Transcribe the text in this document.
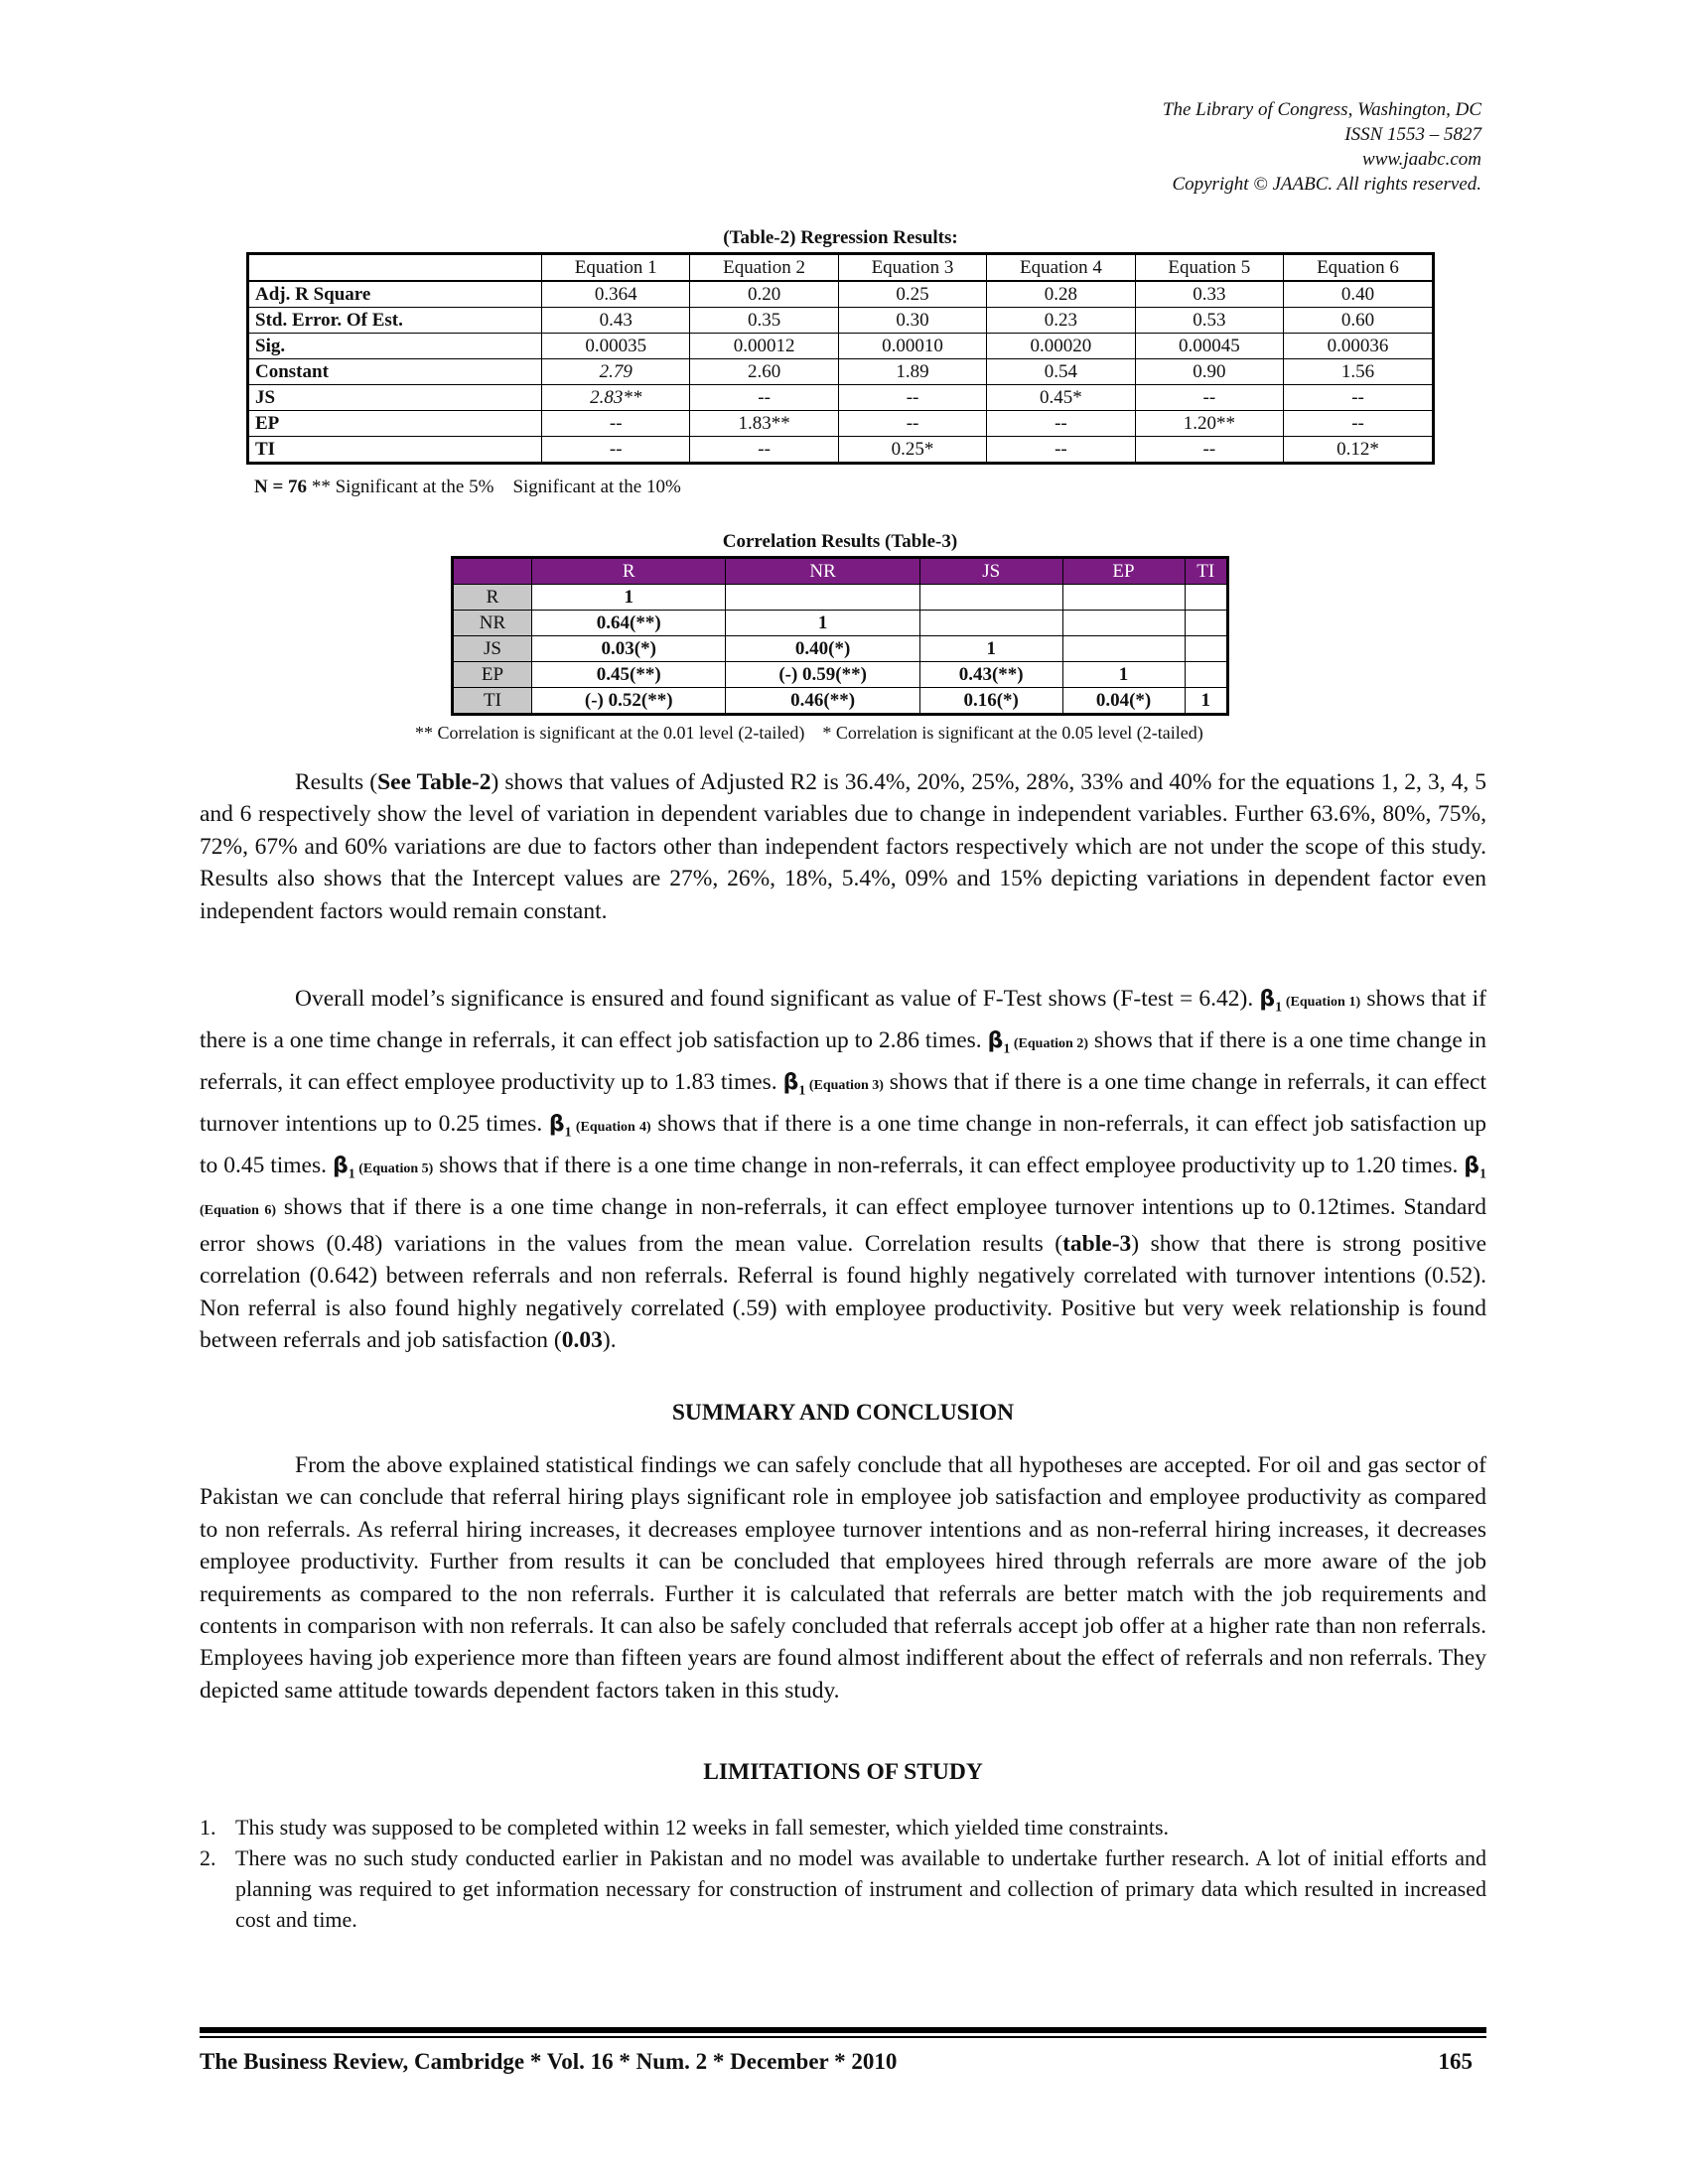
The Library of Congress, Washington, DC
ISSN 1553 – 5827
www.jaabc.com
Copyright © JAABC. All rights reserved.
(Table-2) Regression Results:
	Equation 1	Equation 2	Equation 3	Equation 4	Equation 5	Equation 6
Adj. R Square	0.364	0.20	0.25	0.28	0.33	0.40
Std. Error. Of Est.	0.43	0.35	0.30	0.23	0.53	0.60
Sig.	0.00035	0.00012	0.00010	0.00020	0.00045	0.00036
Constant	2.79	2.60	1.89	0.54	0.90	1.56
JS	2.83**	--	--	0.45*	--	--
EP	--	1.83**	--	--	1.20**	--
TI	--	--	0.25*	--	--	0.12*
N = 76 ** Significant at the 5%    Significant at the 10%
Correlation Results (Table-3)
	R	NR	JS	EP	TI
R	1				
NR	0.64(**)	1			
JS	0.03(*)	0.40(*)	1		
EP	0.45(**)	(-) 0.59(**)	0.43(**)	1	
TI	(-) 0.52(**)	0.46(**)	0.16(*)	0.04(*)	1
** Correlation is significant at the 0.01 level (2-tailed)    * Correlation is significant at the 0.05 level (2-tailed)
Results (See Table-2) shows that values of Adjusted R2 is 36.4%, 20%, 25%, 28%, 33% and 40% for the equations 1, 2, 3, 4, 5 and 6 respectively show the level of variation in dependent variables due to change in independent variables. Further 63.6%, 80%, 75%, 72%, 67% and 60% variations are due to factors other than independent factors respectively which are not under the scope of this study. Results also shows that the Intercept values are 27%, 26%, 18%, 5.4%, 09% and 15% depicting variations in dependent factor even independent factors would remain constant.
Overall model’s significance is ensured and found significant as value of F-Test shows (F-test = 6.42). $\beta_1$ (Equation 1) shows that if there is a one time change in referrals, it can effect job satisfaction up to 2.86 times. $\beta_1$ (Equation 2) shows that if there is a one time change in referrals, it can effect employee productivity up to 1.83 times. $\beta_1$ (Equation 3) shows that if there is a one time change in referrals, it can effect turnover intentions up to 0.25 times. $\beta_1$ (Equation 4) shows that if there is a one time change in non-referrals, it can effect job satisfaction up to 0.45 times. $\beta_1$ (Equation 5) shows that if there is a one time change in non-referrals, it can effect employee productivity up to 1.20 times. $\beta_1$ (Equation 6) shows that if there is a one time change in non-referrals, it can effect employee turnover intentions up to 0.12times. Standard error shows (0.48) variations in the values from the mean value. Correlation results (table-3) show that there is strong positive correlation (0.642) between referrals and non referrals. Referral is found highly negatively correlated with turnover intentions (0.52). Non referral is also found highly negatively correlated (.59) with employee productivity. Positive but very week relationship is found between referrals and job satisfaction (0.03).
SUMMARY AND CONCLUSION
From the above explained statistical findings we can safely conclude that all hypotheses are accepted. For oil and gas sector of Pakistan we can conclude that referral hiring plays significant role in employee job satisfaction and employee productivity as compared to non referrals. As referral hiring increases, it decreases employee turnover intentions and as non-referral hiring increases, it decreases employee productivity. Further from results it can be concluded that employees hired through referrals are more aware of the job requirements as compared to the non referrals. Further it is calculated that referrals are better match with the job requirements and contents in comparison with non referrals. It can also be safely concluded that referrals accept job offer at a higher rate than non referrals. Employees having job experience more than fifteen years are found almost indifferent about the effect of referrals and non referrals. They depicted same attitude towards dependent factors taken in this study.
LIMITATIONS OF STUDY
1. This study was supposed to be completed within 12 weeks in fall semester, which yielded time constraints.
2. There was no such study conducted earlier in Pakistan and no model was available to undertake further research. A lot of initial efforts and planning was required to get information necessary for construction of instrument and collection of primary data which resulted in increased cost and time.
The Business Review, Cambridge * Vol. 16 * Num. 2 * December * 2010	165
